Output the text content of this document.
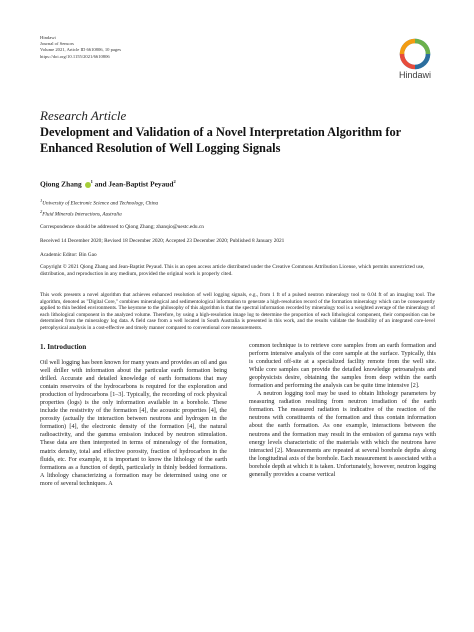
Hindawi
Journal of Sensors
Volume 2021, Article ID 6610806, 10 pages
https://doi.org/10.1155/2021/6610806
Hindawi
Research Article
Development and Validation of a Novel Interpretation Algorithm for Enhanced Resolution of Well Logging Signals
Qiong Zhang $^1$ and Jean-Baptist Peyaud$^2$
$^1$University of Electronic Science and Technology, China
$^2$Fluid Minerals Interactions, Australia
Correspondence should be addressed to Qiong Zhang; zhanqio@uestc.edu.cn
Received 14 December 2020; Revised 18 December 2020; Accepted 23 December 2020; Published 8 January 2021
Academic Editor: Bin Gao
Copyright © 2021 Qiong Zhang and Jean-Baptist Peyaud. This is an open access article distributed under the Creative Commons Attribution License, which permits unrestricted use, distribution, and reproduction in any medium, provided the original work is properly cited.

This work presents a novel algorithm that achieves enhanced resolution of well logging signals, e.g., from 1 ft of a pulsed neutron mineralogy tool to 0.04 ft of an imaging tool. The algorithm, denoted as "Digital Core," combines mineralogical and sedimentological information to generate a high-resolution record of the formation mineralogy which can be consequently applied to thin bedded environments. The keystone to the philosophy of this algorithm is that the spectral information recorded by mineralogy tool is a weighted average of the mineralogy of each lithological component in the analyzed volume. Therefore, by using a high-resolution image log to determine the proportion of each lithological component, their composition can be determined from the mineralogy log data. A field case from a well located in South Australia is presented in this work, and the results validate the feasibility of an integrated core-level petrophysical analysis in a cost-effective and timely manner compared to conventional core measurements.

1. Introduction

Oil well logging has been known for many years and provides an oil and gas well driller with information about the particular earth formation being drilled. Accurate and detailed knowledge of earth formations that may contain reservoirs of the hydrocarbons is required for the exploration and production of hydrocarbons [1–3]. Typically, the recording of rock physical properties (logs) is the only information available in a borehole. These include the resistivity of the formation [4], the acoustic properties [4], the porosity (actually the interaction between neutrons and hydrogen in the formation) [4], the electronic density of the formation [4], the natural radioactivity, and the gamma emission induced by neutron stimulation. These data are then interpreted in terms of mineralogy of the formation, matrix density, total and effective porosity, fraction of hydrocarbon in the fluids, etc. For example, it is important to know the lithology of the earth formations as a function of depth, particularly in thinly bedded formations. A lithology characterizing a formation may be determined using one or more of several techniques. A

common technique is to retrieve core samples from an earth formation and perform intensive analysis of the core sample at the surface. Typically, this is conducted off-site at a specialized facility remote from the well site. While core samples can provide the detailed knowledge petroanalysts and geophysicists desire, obtaining the samples from deep within the earth formation and performing the analysis can be quite time intensive [2].

A neutron logging tool may be used to obtain lithology parameters by measuring radiation resulting from neutron irradiation of the earth formation. The measured radiation is indicative of the reaction of the neutrons with constituents of the formation and thus contain information about the earth formation. As one example, interactions between the neutrons and the formation may result in the emission of gamma rays with energy levels characteristic of the materials with which the neutrons have interacted [2]. Measurements are repeated at several borehole depths along the longitudinal axis of the borehole. Each measurement is associated with a borehole depth at which it is taken. Unfortunately, however, neutron logging generally provides a coarse vertical
